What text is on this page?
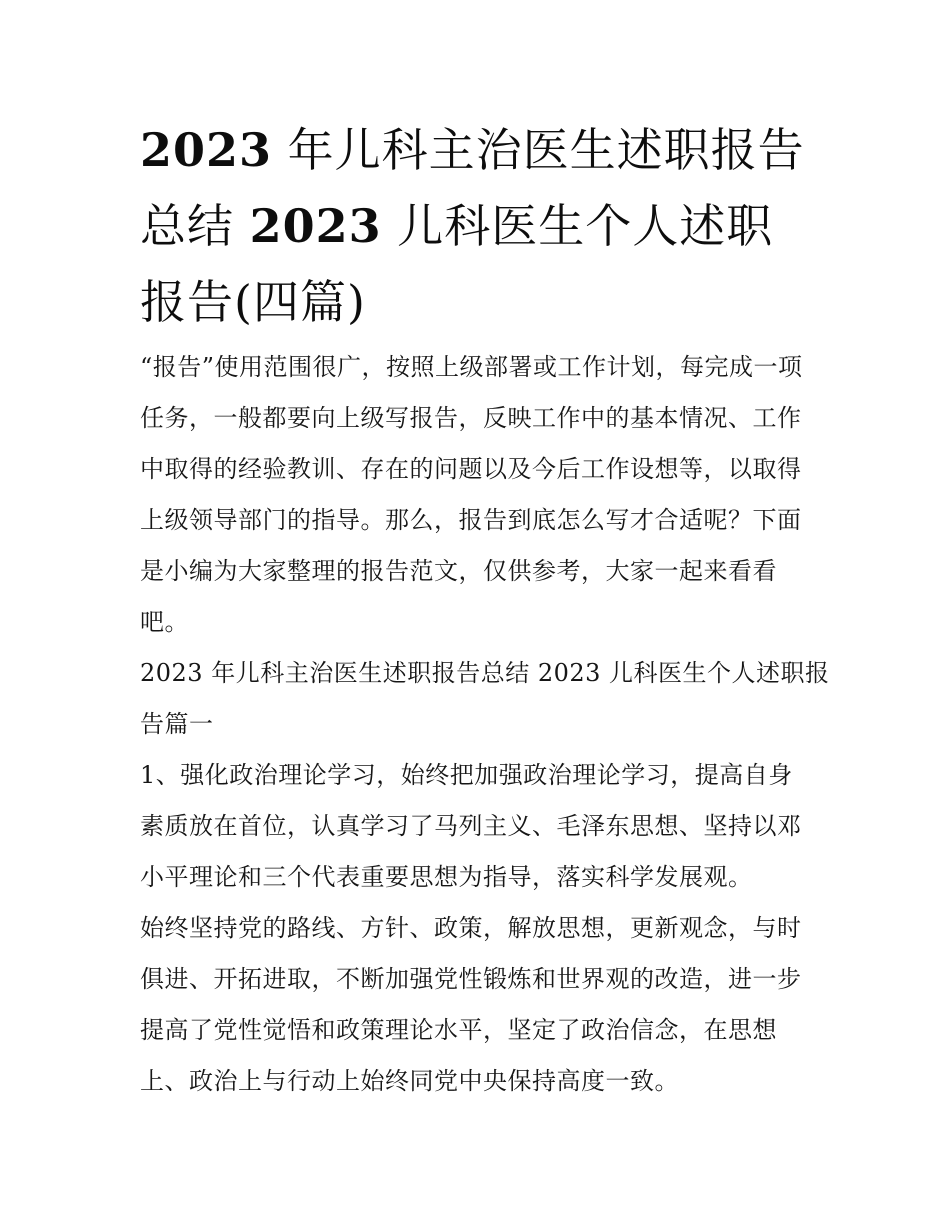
2023 年儿科主治医生述职报告
总结 2023 儿科医生个人述职
报告(四篇)

“报告”使用范围很广，按照上级部署或工作计划，每完成一项
任务，一般都要向上级写报告，反映工作中的基本情况、工作
中取得的经验教训、存在的问题以及今后工作设想等，以取得
上级领导部门的指导。那么，报告到底怎么写才合适呢？下面
是小编为大家整理的报告范文，仅供参考，大家一起来看看
吧。

2023 年儿科主治医生述职报告总结 2023 儿科医生个人述职报
告篇一

1、强化政治理论学习，始终把加强政治理论学习，提高自身
素质放在首位，认真学习了马列主义、毛泽东思想、坚持以邓
小平理论和三个代表重要思想为指导，落实科学发展观。

始终坚持党的路线、方针、政策，解放思想，更新观念，与时
俱进、开拓进取，不断加强党性锻炼和世界观的改造，进一步
提高了党性觉悟和政策理论水平，坚定了政治信念，在思想
上、政治上与行动上始终同党中央保持高度一致。
